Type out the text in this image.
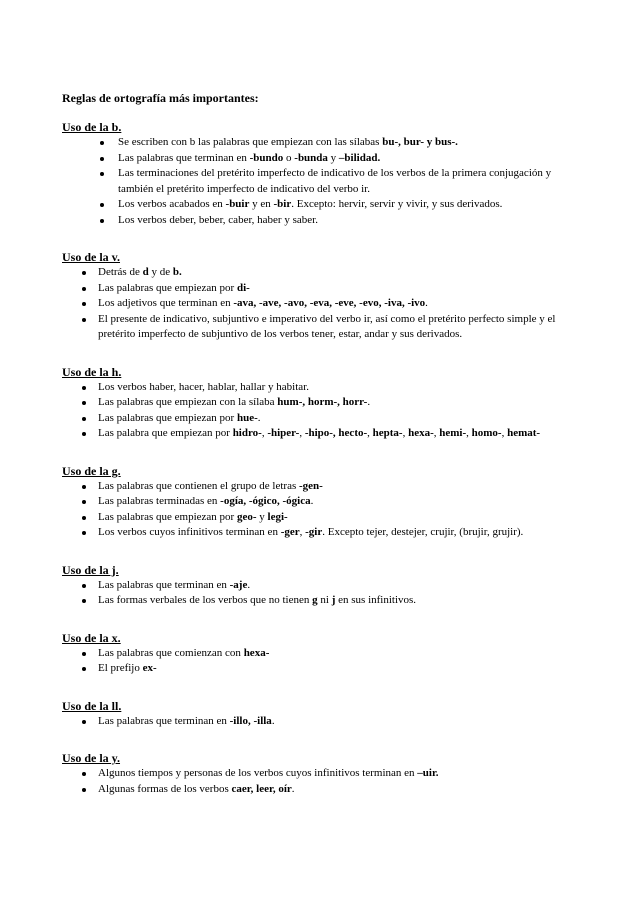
Reglas de ortografía más importantes:

Uso de la b.

Se escriben con b las palabras que empiezan con las sílabas bu-, bur- y bus-.
Las palabras que terminan en -bundo o -bunda y –bilidad.
Las terminaciones del pretérito imperfecto de indicativo de los verbos de la primera conjugación y también el pretérito imperfecto de indicativo del verbo ir.
Los verbos acabados en -buir y en -bir. Excepto: hervir, servir y vivir, y sus derivados.
Los verbos deber, beber, caber, haber y saber.

Uso de la v.

Detrás de d y de b.
Las palabras que empiezan por di-
Los adjetivos que terminan en -ava, -ave, -avo, -eva, -eve, -evo, -iva, -ivo.
El presente de indicativo, subjuntivo e imperativo del verbo ir, así como el pretérito perfecto simple y el pretérito imperfecto de subjuntivo de los verbos tener, estar, andar y sus derivados.

Uso de la h.

Los verbos haber, hacer, hablar, hallar y habitar.
Las palabras que empiezan con la sílaba hum-, horm-, horr-.
Las palabras que empiezan por hue-.
Las palabra que empiezan por hidro-, -hiper-, -hipo-, hecto-, hepta-, hexa-, hemi-, homo-, hemat-

Uso de la g.

Las palabras que contienen el grupo de letras -gen-
Las palabras terminadas en -ogía, -ógico, -ógica.
Las palabras que empiezan por geo- y legi-
Los verbos cuyos infinitivos terminan en -ger, -gir. Excepto tejer, destejer, crujir, (brujir, grujir).

Uso de la j.

Las palabras que terminan en -aje.
Las formas verbales de los verbos que no tienen g ni j en sus infinitivos.

Uso de la x.

Las palabras que comienzan con hexa-
El prefijo ex-

Uso de la ll.

Las palabras que terminan en -illo, -illa.

Uso de la y.

Algunos tiempos y personas de los verbos cuyos infinitivos terminan en –uir.
Algunas formas de los verbos caer, leer, oír.
